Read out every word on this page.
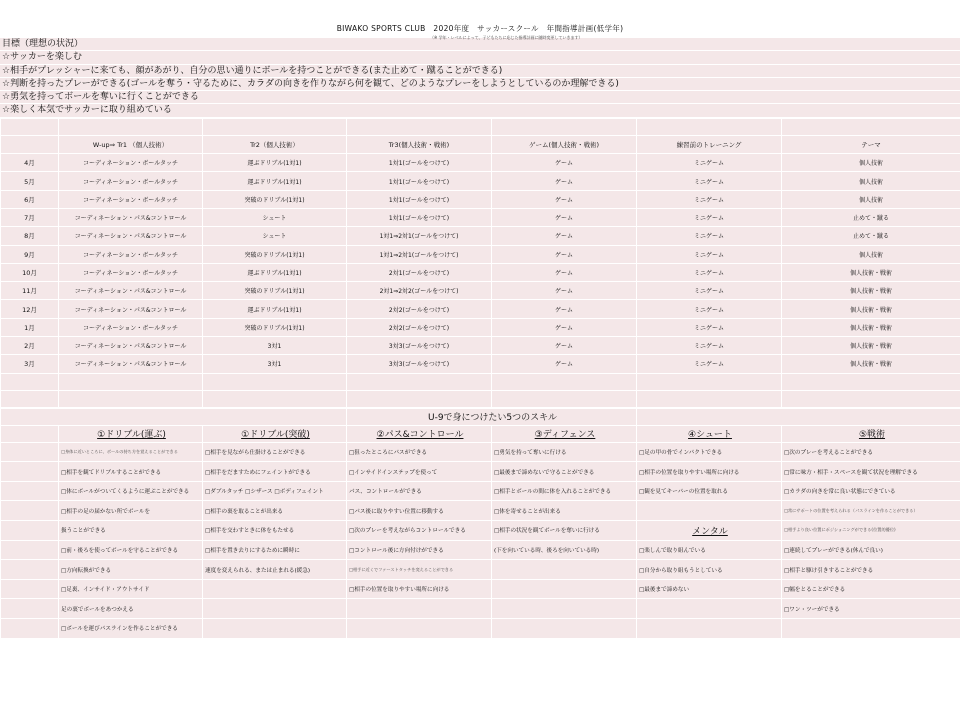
BIWAKO SPORTS CLUB　2020年度　サッカースクール　年間指導計画(低学年)
（※ 学年・レベルによって、子どもたちに応じた指導計画に随時変更していきます）
目標（理想の状況）
☆サッカーを楽しむ
☆相手がプレッシャーに来ても、顔があがり、自分の思い通りにボールを持つことができる(また止めて・蹴ることができる)
☆判断を持ったプレーができる(ゴールを奪う・守るために、カラダの向きを作りながら何を観て、どのようなプレーをしようとしているのか理解できる)
☆勇気を持ってボールを奪いに行くことができる
☆楽しく本気でサッカーに取り組めている

	W-up⇒ Tr1 （個人技術）	Tr2（個人技術）	Tr3(個人技術・戦術)	ゲーム(個人技術・戦術)	練習前のトレーニング	テーマ
4月	コーディネーション・ボールタッチ	運ぶドリブル(1対1)	1対1(ゴールをつけて)	ゲーム	ミニゲーム	個人技術
5月	コーディネーション・ボールタッチ	運ぶドリブル(1対1)	1対1(ゴールをつけて)	ゲーム	ミニゲーム	個人技術
6月	コーディネーション・ボールタッチ	突破のドリブル(1対1)	1対1(ゴールをつけて)	ゲーム	ミニゲーム	個人技術
7月	コーディネーション・パス&コントロール	シュート	1対1(ゴールをつけて)	ゲーム	ミニゲーム	止めて・蹴る
8月	コーディネーション・パス&コントロール	シュート	1対1⇒2対1(ゴールをつけて)	ゲーム	ミニゲーム	止めて・蹴る
9月	コーディネーション・ボールタッチ	突破のドリブル(1対1)	1対1⇒2対1(ゴールをつけて)	ゲーム	ミニゲーム	個人技術
10月	コーディネーション・ボールタッチ	運ぶドリブル(1対1)	2対1(ゴールをつけて)	ゲーム	ミニゲーム	個人技術・戦術
11月	コーディネーション・パス&コントロール	突破のドリブル(1対1)	2対1⇒2対2(ゴールをつけて)	ゲーム	ミニゲーム	個人技術・戦術
12月	コーディネーション・パス&コントロール	運ぶドリブル(1対1)	2対2(ゴールをつけて)	ゲーム	ミニゲーム	個人技術・戦術
1月	コーディネーション・ボールタッチ	突破のドリブル(1対1)	2対2(ゴールをつけて)	ゲーム	ミニゲーム	個人技術・戦術
2月	コーディネーション・パス&コントロール	3対1	3対3(ゴールをつけて)	ゲーム	ミニゲーム	個人技術・戦術
3月	コーディネーション・パス&コントロール	3対1	3対3(ゴールをつけて)	ゲーム	ミニゲーム	個人技術・戦術

			U-9で身につけたい5つのスキル			
	①ドリブル(運ぶ)	①ドリブル(突破)	②パス&コントロール	③ディフェンス	④シュート	⑤戦術
	□身体に近いところに、ボールの持ち方を覚えることができる	□相手を見ながら仕掛けることができる	□狙ったところにパスができる	□勇気を持って奪いに行ける	□足の甲の骨でインパクトできる	□次のプレーを考えることができる
	□相手を観てドリブルすることができる	□相手をだますためにフェイントができる	□インサイドインステップを使って	□最後まで諦めないで守ることができる	□相手の位置を取りやすい場所に向ける	□常に味方・相手・スペースを観て状況を理解できる
	□体にボールがついてくるように運ぶことができる	□ダブルタッチ □シザース □ボディフェイント	パス、コントロールができる	□相手とボールの間に体を入れることができる	□観を見てキーパーの位置を取れる	□カラダの向きを常に良い状態にできている
	□相手の足の届かない所でボールを	□相手の裏を取ることが出来る	□パス後に取りやすい位置に移動する	□体を寄せることが出来る		□常にサポートの位置を考えられる（パスラインを作ることができる）
	扱うことができる	□相手を交わすときに体をもたせる	□次のプレーを考えながらコントロールできる	□相手の状況を観てボールを奪いに行ける	メンタル	□相手より良い位置にポジショニングができる(位置的優位)
	□前・後ろを使ってボールを守ることができる	□相手を置き去りにするために瞬時に	□コントロール後に方向付けができる	(下を向いている時、後ろを向いている時)	□楽しんで取り組んでいる	□連続してプレーができる(休んで良い)
	□方向転換ができる	速度を変えられる、または止まれる(緩急)	□相手に近くでファーストタッチを変えることができる		□自分から取り組もうとしている	□相手と駆け引きすることができる
	□足裏、インサイド・アウトサイド		□相手の位置を取りやすい場所に向ける		□最後まで諦めない	□幅をとることができる
	足の裏でボールをあつかえる					□ワン・ツーができる
	□ボールを運びパスラインを作ることができる					
